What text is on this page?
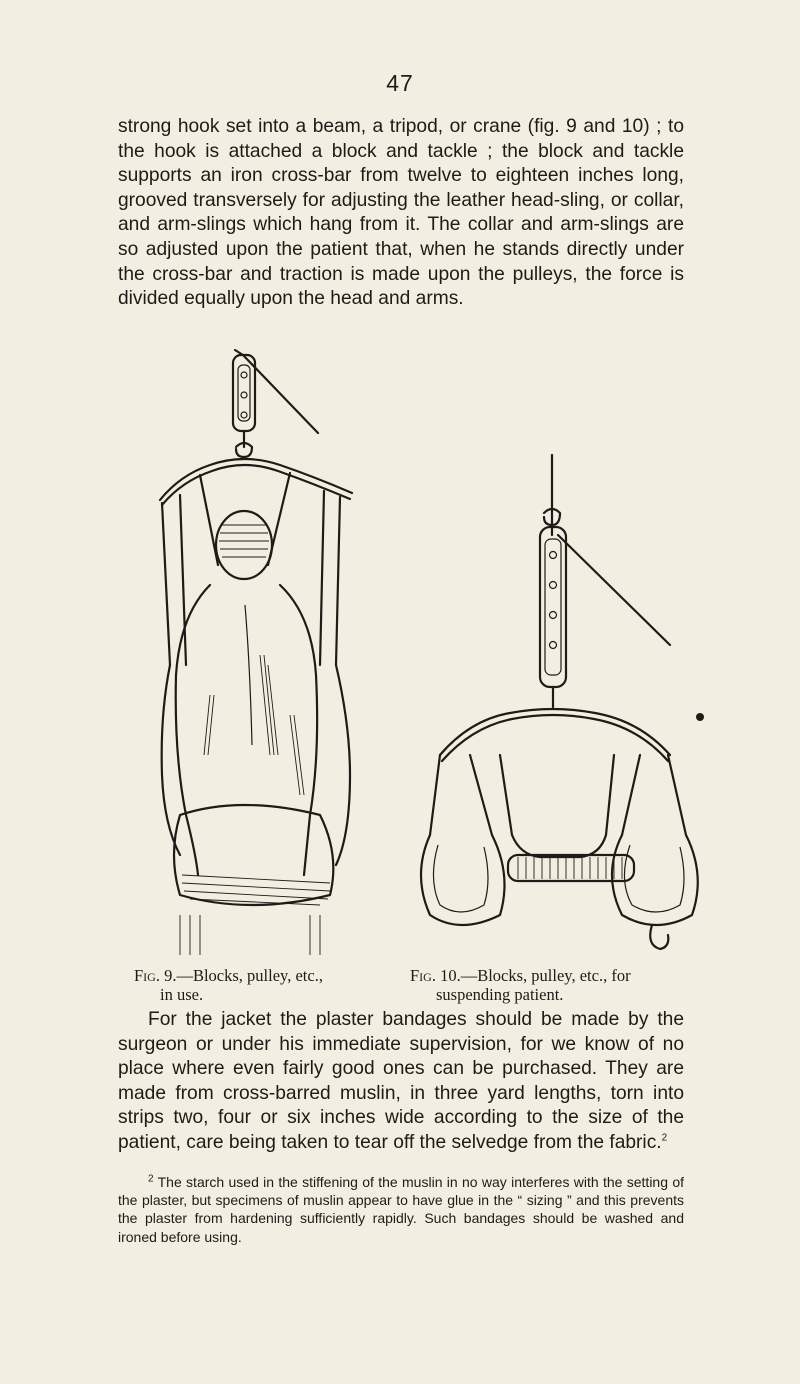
47

strong hook set into a beam, a tripod, or crane (fig. 9 and 10) ; to the hook is attached a block and tackle ; the block and tackle supports an iron cross-bar from twelve to eighteen inches long, grooved transversely for adjusting the leather head-sling, or collar, and arm-slings which hang from it. The collar and arm-slings are so adjusted upon the patient that, when he stands directly under the cross-bar and traction is made upon the pulleys, the force is divided equally upon the head and arms.

Fig. 9.—Blocks, pulley, etc.,
in use.
Fig. 10.—Blocks, pulley, etc., for
suspending patient.

For the jacket the plaster bandages should be made by the surgeon or under his immediate supervision, for we know of no place where even fairly good ones can be purchased. They are made from cross-barred muslin, in three yard lengths, torn into strips two, four or six inches wide according to the size of the patient, care being taken to tear off the selvedge from the fabric.$^2$

$^2$ The starch used in the stiffening of the muslin in no way interferes with the setting of the plaster, but specimens of muslin appear to have glue in the “ sizing ” and this prevents the plaster from hardening sufficiently rapidly. Such bandages should be washed and ironed before using.
